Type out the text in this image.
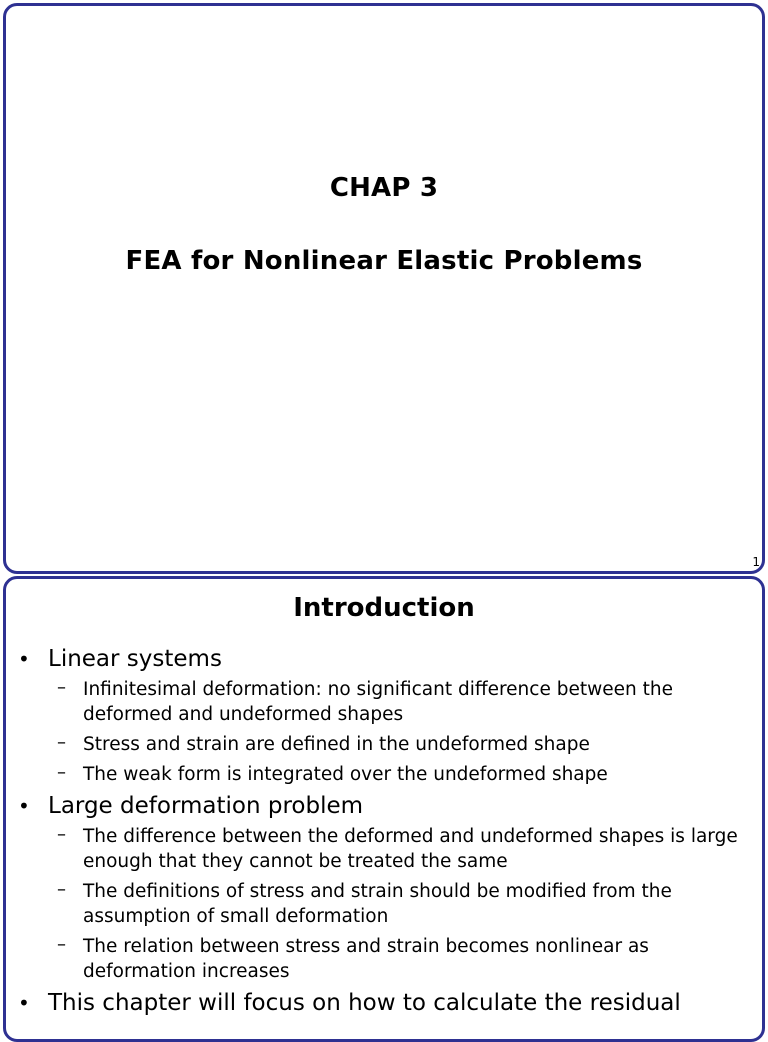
CHAP 3
FEA for Nonlinear Elastic Problems
1
Introduction
• Linear systems
– Infinitesimal deformation: no significant difference between the deformed and undeformed shapes
– Stress and strain are defined in the undeformed shape
– The weak form is integrated over the undeformed shape
• Large deformation problem
– The difference between the deformed and undeformed shapes is large enough that they cannot be treated the same
– The definitions of stress and strain should be modified from the assumption of small deformation
– The relation between stress and strain becomes nonlinear as deformation increases
• This chapter will focus on how to calculate the residual
